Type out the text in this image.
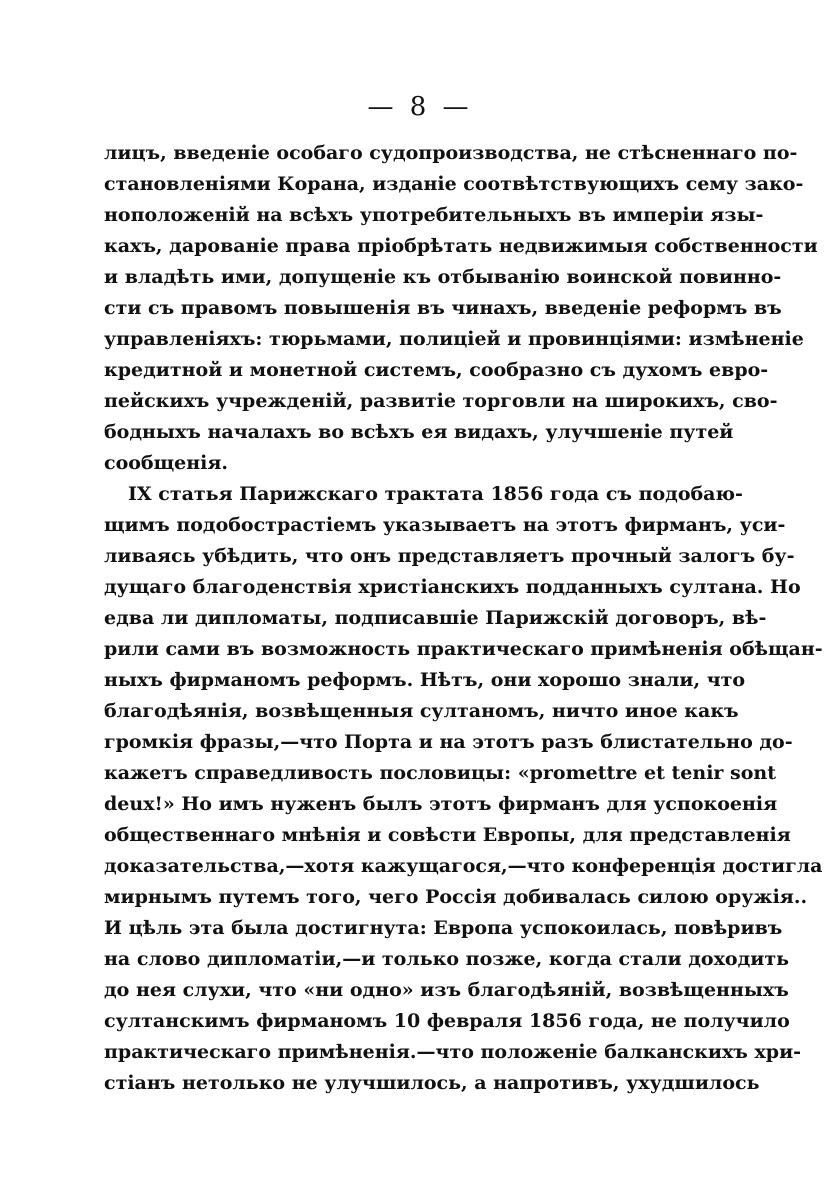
— 8 —
лицъ, введеніе особаго судопроизводства, не стѣсненнаго по-
становленіями Корана, изданіе соотвѣтствующихъ сему зако-
ноположеній на всѣхъ употребительныхъ въ имперіи язы-
кахъ, дарованіе права пріобрѣтать недвижимыя собственности
и владѣть ими, допущеніе къ отбыванію воинской повинно-
сти съ правомъ повышенія въ чинахъ, введеніе реформъ въ
управленіяхъ: тюрьмами, полиціей и провинціями: измѣненіе
кредитной и монетной системъ, сообразно съ духомъ евро-
пейскихъ учрежденій, развитіе торговли на широкихъ, сво-
бодныхъ началахъ во всѣхъ ея видахъ, улучшеніе путей
сообщенія.
IX статья Парижскаго трактата 1856 года съ подобаю-
щимъ подобострастіемъ указываетъ на этотъ фирманъ, уси-
ливаясь убѣдить, что онъ представляетъ прочный залогъ бу-
дущаго благоденствія христіанскихъ подданныхъ султана. Но
едва ли дипломаты, подписавшіе Парижскій договоръ, вѣ-
рили сами въ возможность практическаго примѣненія обѣщан-
ныхъ фирманомъ реформъ. Нѣтъ, они хорошо знали, что
благодѣянія, возвѣщенныя султаномъ, ничто иное какъ
громкія фразы,—что Порта и на этотъ разъ блистательно до-
кажетъ справедливость пословицы: «promettre et tenir sont
deux!» Но имъ нуженъ былъ этотъ фирманъ для успокоенія
общественнаго мнѣнія и совѣсти Европы, для представленія
доказательства,—хотя кажущагося,—что конференція достигла
мирнымъ путемъ того, чего Россія добивалась силою оружія..
И цѣль эта была достигнута: Европа успокоилась, повѣривъ
на слово дипломатіи,—и только позже, когда стали доходить
до нея слухи, что «ни одно» изъ благодѣяній, возвѣщенныхъ
султанскимъ фирманомъ 10 февраля 1856 года, не получило
практическаго примѣненія.—что положеніе балканскихъ хри-
стіанъ нетолько не улучшилось, а напротивъ, ухудшилось
